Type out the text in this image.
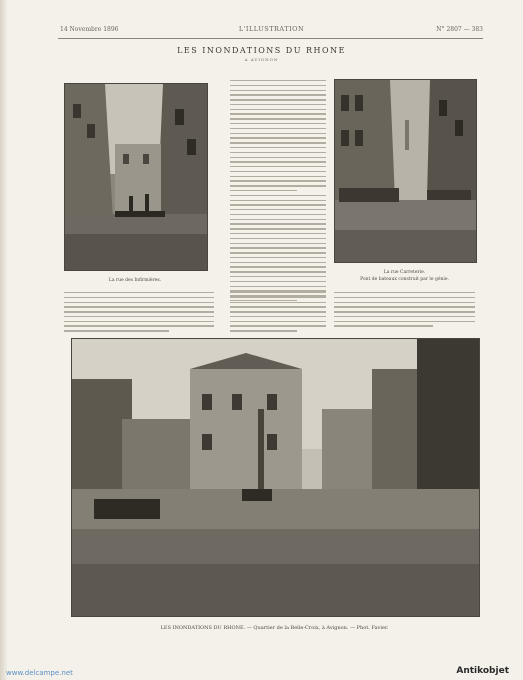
14 Novembre 1896	L'ILLUSTRATION	N° 2807 — 383
LES INONDATIONS DU RHONE
A AVIGNON
La rue des Infirmières.
La rue Carreterie.
Pont de bateaux construit par le génie.
LES INONDATIONS DU RHONE. — Quartier de la Belle-Croix, à Avignon. — Phot. Favier.
www.delcampe.net	Antikobjet
